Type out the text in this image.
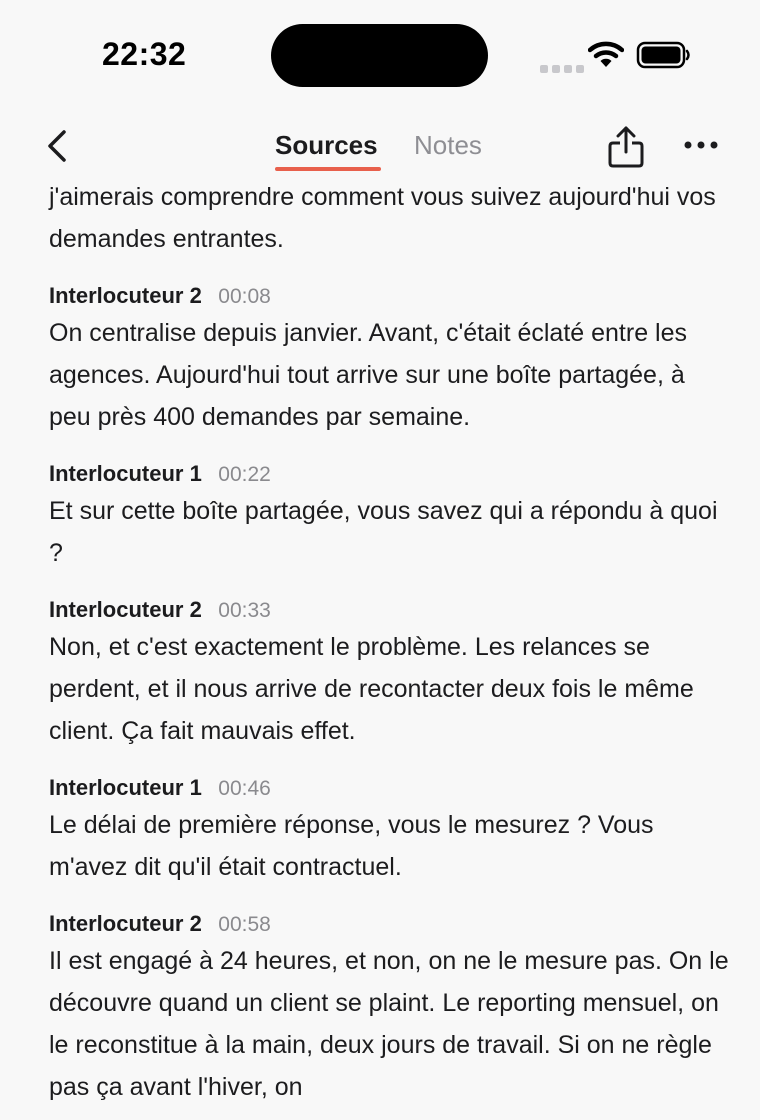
22:32
Sources Notes

j'aimerais comprendre comment vous suivez aujourd'hui vos demandes entrantes.

Interlocuteur 2 00:08

On centralise depuis janvier. Avant, c'était éclaté entre les agences. Aujourd'hui tout arrive sur une boîte partagée, à peu près 400 demandes par semaine.

Interlocuteur 1 00:22

Et sur cette boîte partagée, vous savez qui a répondu à quoi ?

Interlocuteur 2 00:33

Non, et c'est exactement le problème. Les relances se perdent, et il nous arrive de recontacter deux fois le même client. Ça fait mauvais effet.

Interlocuteur 1 00:46

Le délai de première réponse, vous le mesurez ? Vous m'avez dit qu'il était contractuel.

Interlocuteur 2 00:58

Il est engagé à 24 heures, et non, on ne le mesure pas. On le découvre quand un client se plaint. Le reporting mensuel, on le reconstitue à la main, deux jours de travail. Si on ne règle pas ça avant l'hiver, on
